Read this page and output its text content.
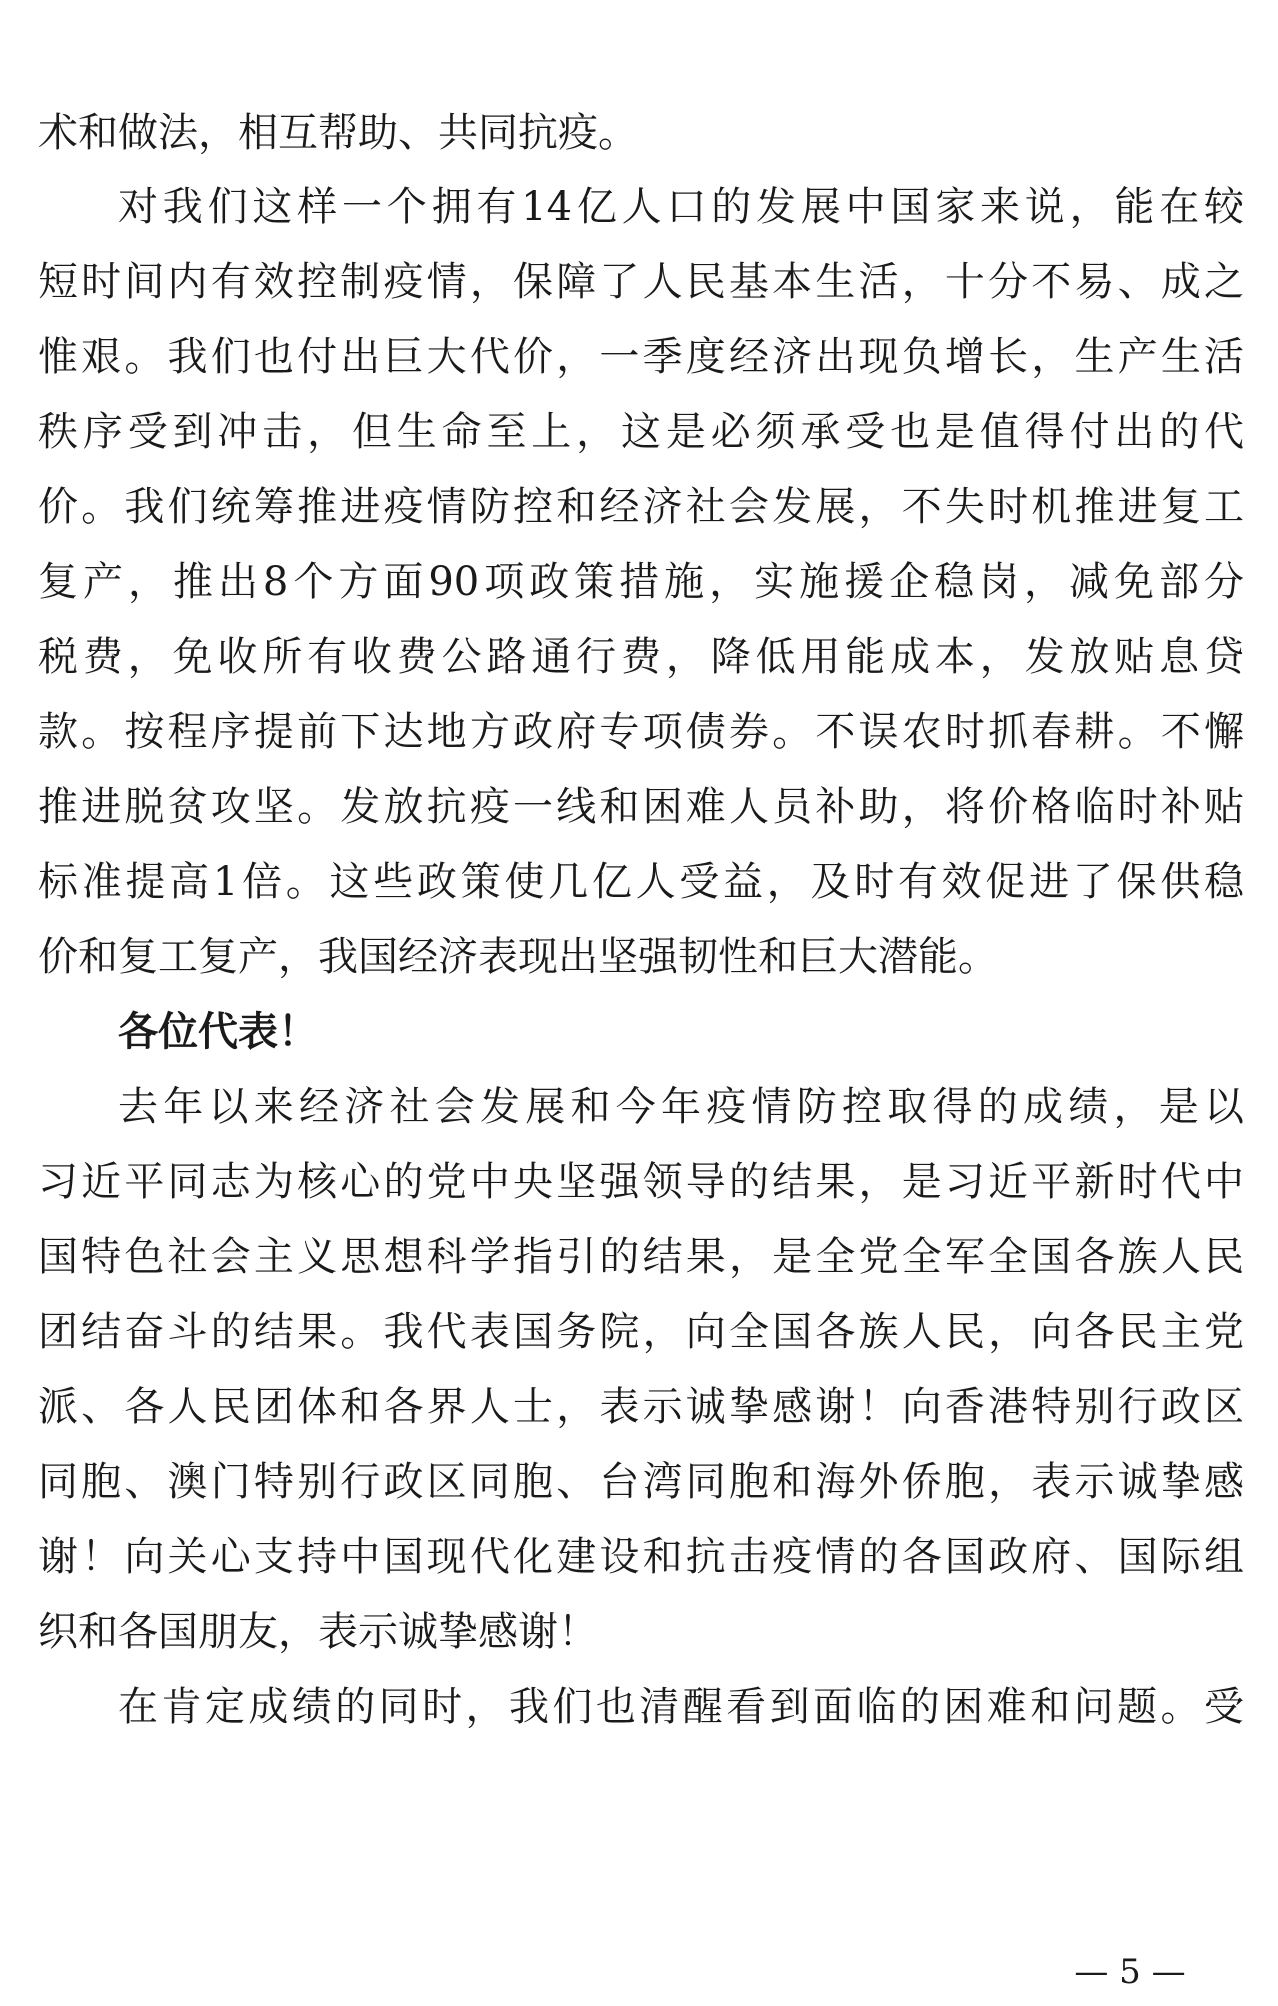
术和做法，相互帮助、共同抗疫。
对我们这样一个拥有14亿人口的发展中国家来说，能在较
短时间内有效控制疫情，保障了人民基本生活，十分不易、成之
惟艰。我们也付出巨大代价，一季度经济出现负增长，生产生活
秩序受到冲击，但生命至上，这是必须承受也是值得付出的代
价。我们统筹推进疫情防控和经济社会发展，不失时机推进复工
复产，推出8个方面90项政策措施，实施援企稳岗，减免部分
税费，免收所有收费公路通行费，降低用能成本，发放贴息贷
款。按程序提前下达地方政府专项债券。不误农时抓春耕。不懈
推进脱贫攻坚。发放抗疫一线和困难人员补助，将价格临时补贴
标准提高1倍。这些政策使几亿人受益，及时有效促进了保供稳
价和复工复产，我国经济表现出坚强韧性和巨大潜能。
各位代表！
去年以来经济社会发展和今年疫情防控取得的成绩，是以
习近平同志为核心的党中央坚强领导的结果，是习近平新时代中
国特色社会主义思想科学指引的结果，是全党全军全国各族人民
团结奋斗的结果。我代表国务院，向全国各族人民，向各民主党
派、各人民团体和各界人士，表示诚挚感谢！向香港特别行政区
同胞、澳门特别行政区同胞、台湾同胞和海外侨胞，表示诚挚感
谢！向关心支持中国现代化建设和抗击疫情的各国政府、国际组
织和各国朋友，表示诚挚感谢！
在肯定成绩的同时，我们也清醒看到面临的困难和问题。受
— 5 —
